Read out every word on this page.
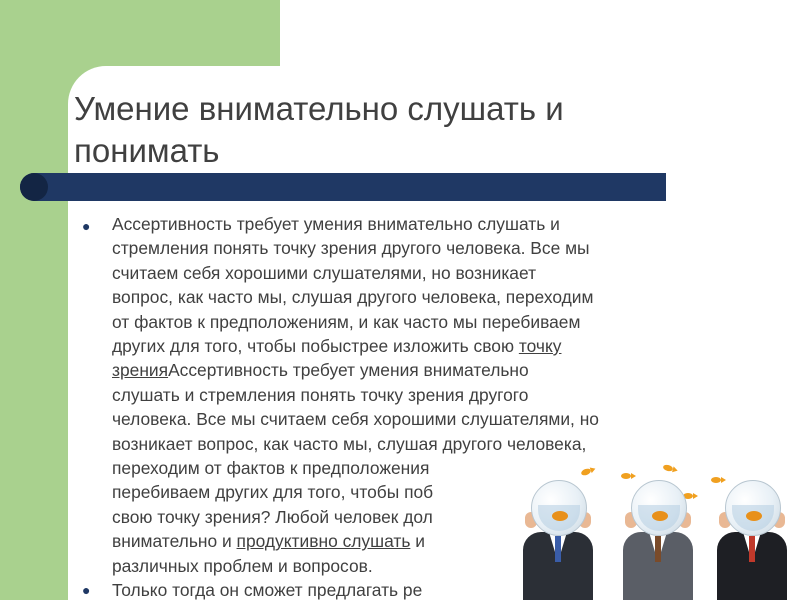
Умение внимательно слушать и понимать
● Ассертивность требует умения внимательно слушать и
стремления понять точку зрения другого человека. Все мы
считаем себя хорошими слушателями, но возникает
вопрос, как часто мы, слушая другого человека, переходим
от фактов к предположениям, и как часто мы перебиваем
других для того, чтобы побыстрее изложить свою точку
зренияАссертивность требует умения внимательно
слушать и стремления понять точку зрения другого
человека. Все мы считаем себя хорошими слушателями, но
возникает вопрос, как часто мы, слушая другого человека,
переходим от фактов к предположения
перебиваем других для того, чтобы поб
свою точку зрения? Любой человек дол
внимательно и продуктивно слушать и
различных проблем и вопросов.

● Только тогда он сможет предлагать ре
